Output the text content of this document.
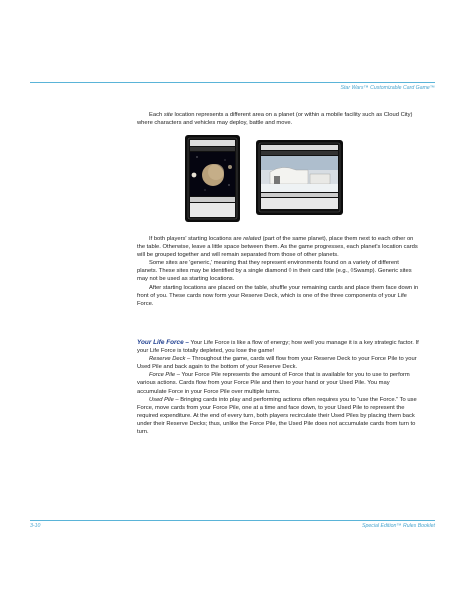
Star Wars™ Customizable Card Game™

Each site location represents a different area on a planet (or within a mobile facility such as Cloud City) where characters and vehicles may deploy, battle and move.

If both players' starting locations are related (part of the same planet), place them next to each other on the table. Otherwise, leave a little space between them. As the game progresses, each planet's location cards will be grouped together and will remain separated from those of other planets.

Some sites are 'generic,' meaning that they represent environments found on a variety of different planets. These sites may be identified by a single diamond ◊ in their card title (e.g., ◊Swamp). Generic sites may not be used as starting locations.

After starting locations are placed on the table, shuffle your remaining cards and place them face down in front of you. These cards now form your Reserve Deck, which is one of the three components of your Life Force.

Your Life Force – Your Life Force is like a flow of energy; how well you manage it is a key strategic factor. If your Life Force is totally depleted, you lose the game!

Reserve Deck – Throughout the game, cards will flow from your Reserve Deck to your Force Pile to your Used Pile and back again to the bottom of your Reserve Deck.

Force Pile – Your Force Pile represents the amount of Force that is available for you to use to perform various actions. Cards flow from your Force Pile and then to your hand or your Used Pile. You may accumulate Force in your Force Pile over multiple turns.

Used Pile – Bringing cards into play and performing actions often requires you to “use the Force.” To use Force, move cards from your Force Pile, one at a time and face down, to your Used Pile to represent the required expenditure. At the end of every turn, both players recirculate their Used Piles by placing them back under their Reserve Decks; thus, unlike the Force Pile, the Used Pile does not accumulate cards from turn to turn.

3-10	Special Edition™ Rules Booklet
